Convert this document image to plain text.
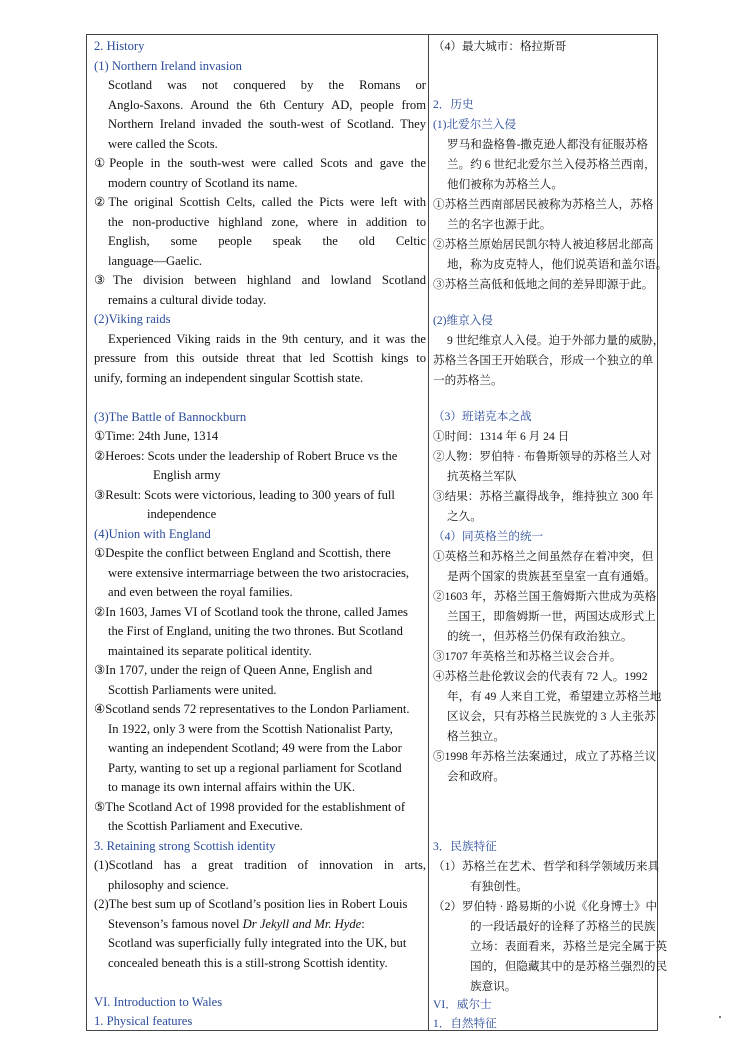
2. History
(1) Northern Ireland invasion
Scotland was not conquered by the Romans or
Anglo-Saxons. Around the 6th Century AD, people from
Northern Ireland invaded the south-west of Scotland. They
were called the Scots.
①People in the south-west were called Scots and gave the
modern country of Scotland its name.
②The original Scottish Celts, called the Picts were left with
the non-productive highland zone, where in addition to
English, some people speak the old Celtic
language—Gaelic.
③The division between highland and lowland Scotland
remains a cultural divide today.
(2)Viking raids
Experienced Viking raids in the 9th century, and it was the
pressure from this outside threat that led Scottish kings to
unify, forming an independent singular Scottish state.
(3)The Battle of Bannockburn
①Time: 24th June, 1314
②Heroes: Scots under the leadership of Robert Bruce vs the
English army
③Result: Scots were victorious, leading to 300 years of full
independence
(4)Union with England
①Despite the conflict between England and Scottish, there
were extensive intermarriage between the two aristocracies,
and even between the royal families.
②In 1603, James VI of Scotland took the throne, called James
the First of England, uniting the two thrones. But Scotland
maintained its separate political identity.
③In 1707, under the reign of Queen Anne, English and
Scottish Parliaments were united.
④Scotland sends 72 representatives to the London Parliament.
In 1922, only 3 were from the Scottish Nationalist Party,
wanting an independent Scotland; 49 were from the Labor
Party, wanting to set up a regional parliament for Scotland
to manage its own internal affairs within the UK.
⑤The Scotland Act of 1998 provided for the establishment of
the Scottish Parliament and Executive.
3. Retaining strong Scottish identity
(1)Scotland has a great tradition of innovation in arts,
philosophy and science.
(2)The best sum up of Scotland’s position lies in Robert Louis
Stevenson’s famous novel Dr Jekyll and Mr. Hyde:
Scotland was superficially fully integrated into the UK, but
concealed beneath this is a still-strong Scottish identity.
VI. Introduction to Wales
1. Physical features
（4）最大城市：格拉斯哥
2．历史
(1)北爱尔兰入侵
罗马和盎格鲁-撒克逊人都没有征服苏格
兰。约 6 世纪北爱尔兰入侵苏格兰西南，
他们被称为苏格兰人。
①苏格兰西南部居民被称为苏格兰人，苏格
兰的名字也源于此。
②苏格兰原始居民凯尔特人被迫移居北部高
地，称为皮克特人，他们说英语和盖尔语。
③苏格兰高低和低地之间的差异即源于此。
(2)维京入侵
9 世纪维京人入侵。迫于外部力量的威胁，
苏格兰各国王开始联合，形成一个独立的单
一的苏格兰。
（3）班诺克本之战
①时间：1314 年 6 月 24 日
②人物：罗伯特 · 布鲁斯领导的苏格兰人对
抗英格兰军队
③结果：苏格兰赢得战争，维持独立 300 年
之久。
（4）同英格兰的统一
①英格兰和苏格兰之间虽然存在着冲突，但
是两个国家的贵族甚至皇室一直有通婚。
②1603 年，苏格兰国王詹姆斯六世成为英格
兰国王，即詹姆斯一世，两国达成形式上
的统一，但苏格兰仍保有政治独立。
③1707 年英格兰和苏格兰议会合并。
④苏格兰赴伦敦议会的代表有 72 人。1992
年，有 49 人来自工党，希望建立苏格兰地
区议会，只有苏格兰民族党的 3 人主张苏
格兰独立。
⑤1998 年苏格兰法案通过，成立了苏格兰议
会和政府。
3．民族特征
（1）苏格兰在艺术、哲学和科学领域历来具
有独创性。
（2）罗伯特 · 路易斯的小说《化身博士》中
的一段话最好的诠释了苏格兰的民族
立场：表面看来，苏格兰是完全属于英
国的，但隐藏其中的是苏格兰强烈的民
族意识。
VI．威尔士
1．自然特征
